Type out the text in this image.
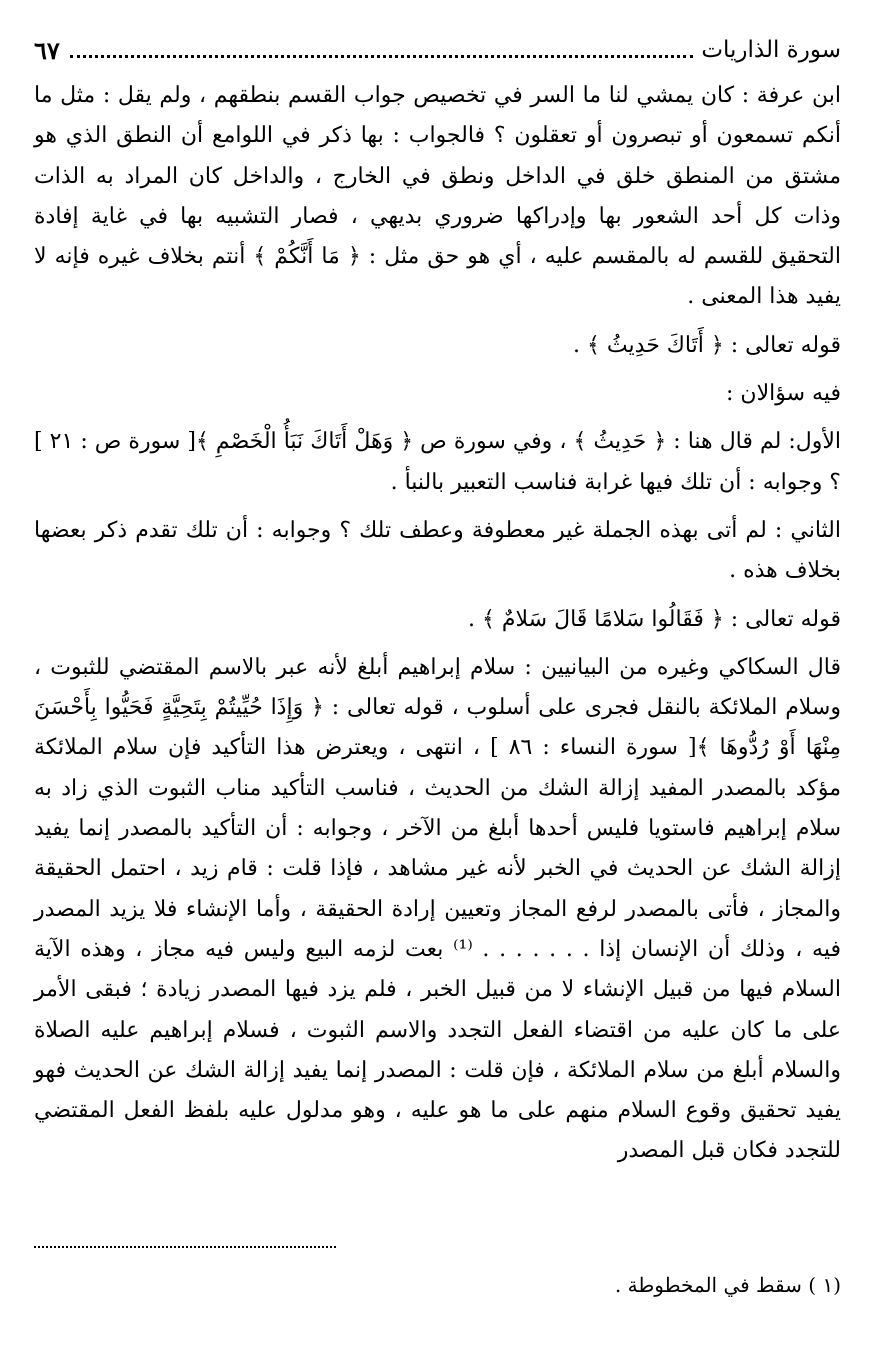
سورة الذاريات
٦٧

ابن عرفة : كان يمشي لنا ما السر في تخصيص جواب القسم بنطقهم ، ولم يقل : مثل ما أنكم تسمعون أو تبصرون أو تعقلون ؟ فالجواب : بها ذكر في اللوامع أن النطق الذي هو مشتق من المنطق خلق في الداخل ونطق في الخارج ، والداخل كان المراد به الذات وذات كل أحد الشعور بها وإدراكها ضروري بديهي ، فصار التشبيه بها في غاية إفادة التحقيق للقسم له بالمقسم عليه ، أي هو حق مثل : ﴿ مَا أَنَّكُمْ ﴾ أنتم بخلاف غيره فإنه لا يفيد هذا المعنى .

قوله تعالى : ﴿ أَتَاكَ حَدِيثُ ﴾ .

فيه سؤالان :

الأول: لم قال هنا : ﴿ حَدِيثُ ﴾ ، وفي سورة ص ﴿ وَهَلْ أَتَاكَ نَبَأُ الْخَصْمِ ﴾[ سورة ص : ٢١ ] ؟ وجوابه : أن تلك فيها غرابة فناسب التعبير بالنبأ .

الثاني : لم أتى بهذه الجملة غير معطوفة وعطف تلك ؟ وجوابه : أن تلك تقدم ذكر بعضها بخلاف هذه .

قوله تعالى : ﴿ فَقَالُوا سَلامًا قَالَ سَلامٌ ﴾ .

قال السكاكي وغيره من البيانيين : سلام إبراهيم أبلغ لأنه عبر بالاسم المقتضي للثبوت ، وسلام الملائكة بالنقل فجرى على أسلوب ، قوله تعالى : ﴿ وَإِذَا حُيِّيتُمْ بِتَحِيَّةٍ فَحَيُّوا بِأَحْسَنَ مِنْهَا أَوْ رُدُّوهَا ﴾[ سورة النساء : ٨٦ ] ، انتهى ، ويعترض هذا التأكيد فإن سلام الملائكة مؤكد بالمصدر المفيد إزالة الشك من الحديث ، فناسب التأكيد مناب الثبوت الذي زاد به سلام إبراهيم فاستويا فليس أحدها أبلغ من الآخر ، وجوابه : أن التأكيد بالمصدر إنما يفيد إزالة الشك عن الحديث في الخبر لأنه غير مشاهد ، فإذا قلت : قام زيد ، احتمل الحقيقة والمجاز ، فأتى بالمصدر لرفع المجاز وتعيين إرادة الحقيقة ، وأما الإنشاء فلا يزيد المصدر فيه ، وذلك أن الإنسان إذا . . . . . . . ⁽¹⁾ بعت لزمه البيع وليس فيه مجاز ، وهذه الآية السلام فيها من قبيل الإنشاء لا من قبيل الخبر ، فلم يزد فيها المصدر زيادة ؛ فبقى الأمر على ما كان عليه من اقتضاء الفعل التجدد والاسم الثبوت ، فسلام إبراهيم عليه الصلاة والسلام أبلغ من سلام الملائكة ، فإن قلت : المصدر إنما يفيد إزالة الشك عن الحديث فهو يفيد تحقيق وقوع السلام منهم على ما هو عليه ، وهو مدلول عليه بلفظ الفعل المقتضي للتجدد فكان قبل المصدر

(١ ) سقط في المخطوطة .
